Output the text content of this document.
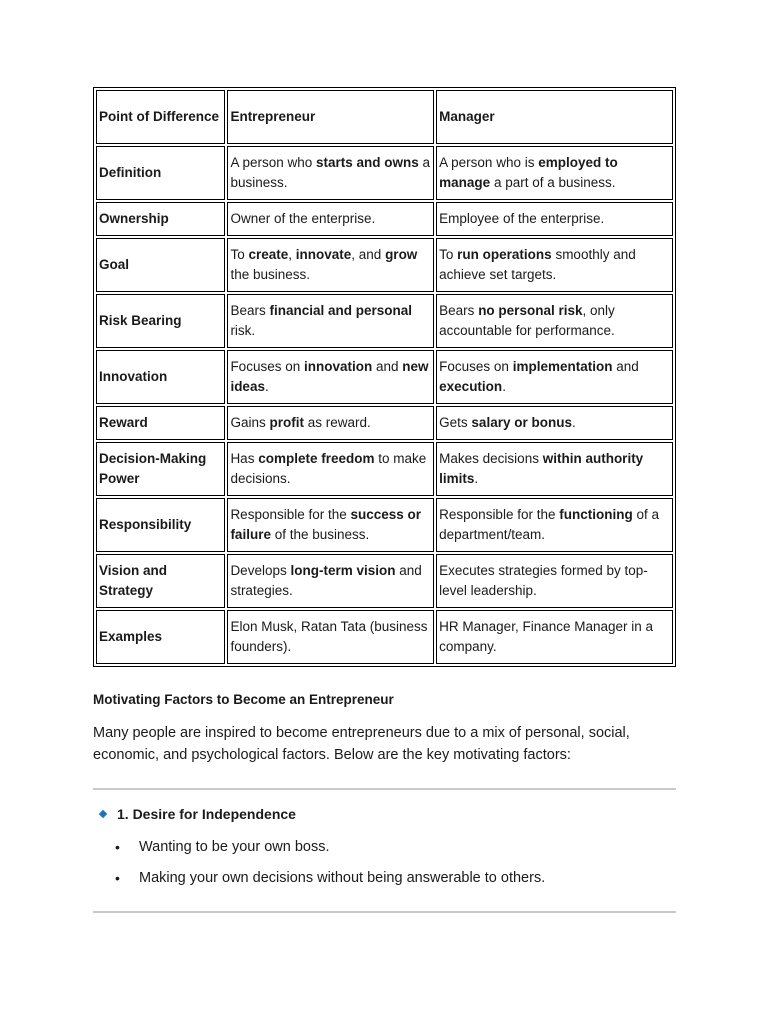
Point of Difference	Entrepreneur	Manager
Definition	A person who starts and owns a business.	A person who is employed to manage a part of a business.
Ownership	Owner of the enterprise.	Employee of the enterprise.
Goal	To create, innovate, and grow the business.	To run operations smoothly and achieve set targets.
Risk Bearing	Bears financial and personal risk.	Bears no personal risk, only accountable for performance.
Innovation	Focuses on innovation and new ideas.	Focuses on implementation and execution.
Reward	Gains profit as reward.	Gets salary or bonus.
Decision-Making Power	Has complete freedom to make decisions.	Makes decisions within authority limits.
Responsibility	Responsible for the success or failure of the business.	Responsible for the functioning of a department/team.
Vision and Strategy	Develops long-term vision and strategies.	Executes strategies formed by top-level leadership.
Examples	Elon Musk, Ratan Tata (business founders).	HR Manager, Finance Manager in a company.
Motivating Factors to Become an Entrepreneur

Many people are inspired to become entrepreneurs due to a mix of personal, social, economic, and psychological factors. Below are the key motivating factors:

1. Desire for Independence
• Wanting to be your own boss.
• Making your own decisions without being answerable to others.
